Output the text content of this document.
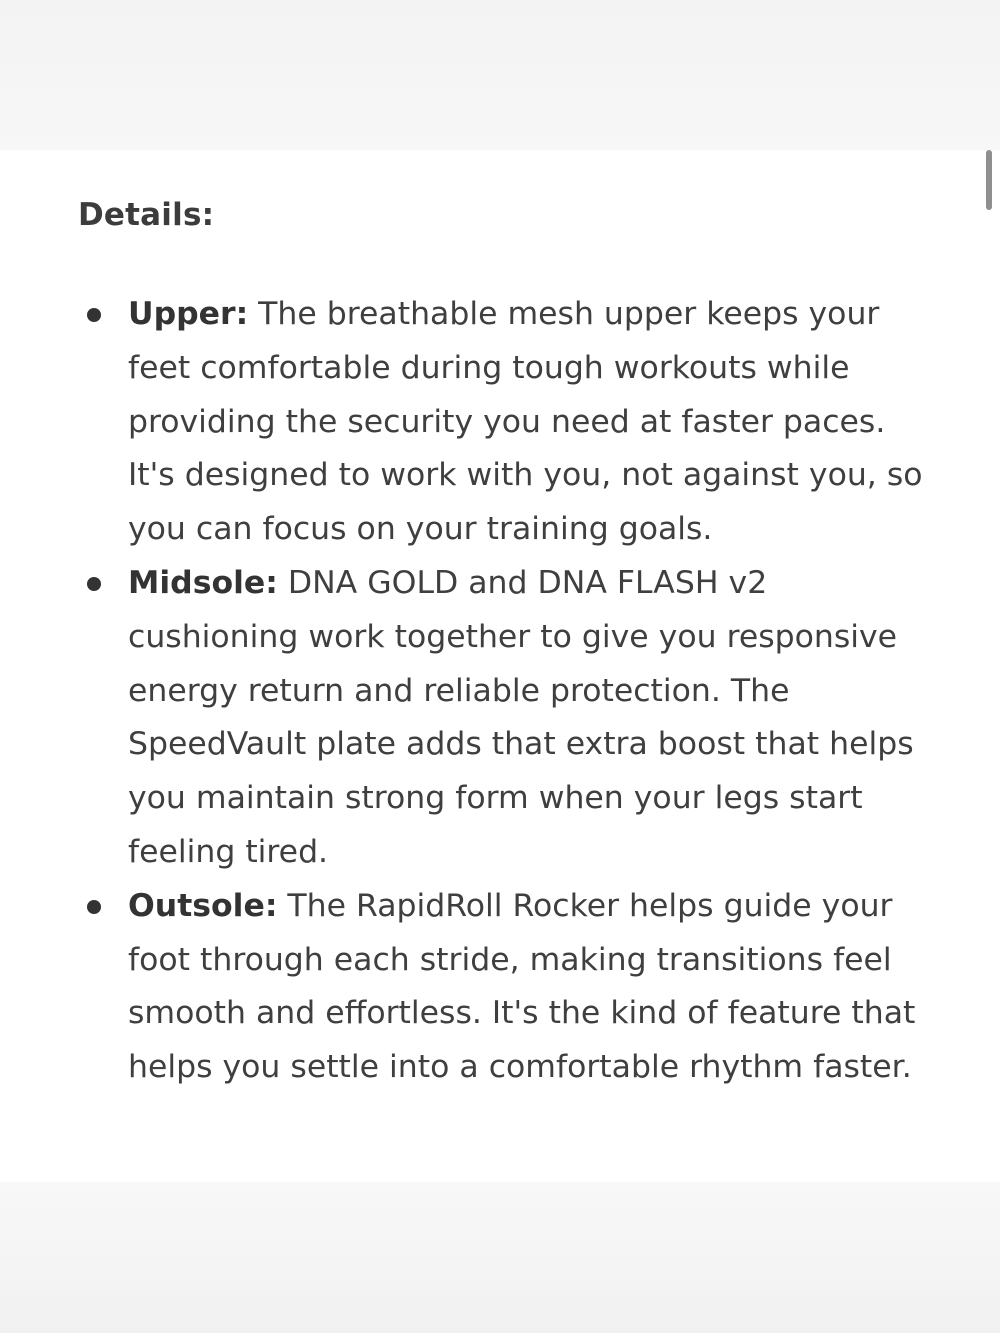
Details:
Upper: The breathable mesh upper keeps your feet comfortable during tough workouts while providing the security you need at faster paces. It's designed to work with you, not against you, so you can focus on your training goals.
Midsole: DNA GOLD and DNA FLASH v2 cushioning work together to give you responsive energy return and reliable protection. The SpeedVault plate adds that extra boost that helps you maintain strong form when your legs start feeling tired.
Outsole: The RapidRoll Rocker helps guide your foot through each stride, making transitions feel smooth and effortless. It's the kind of feature that helps you settle into a comfortable rhythm faster.
